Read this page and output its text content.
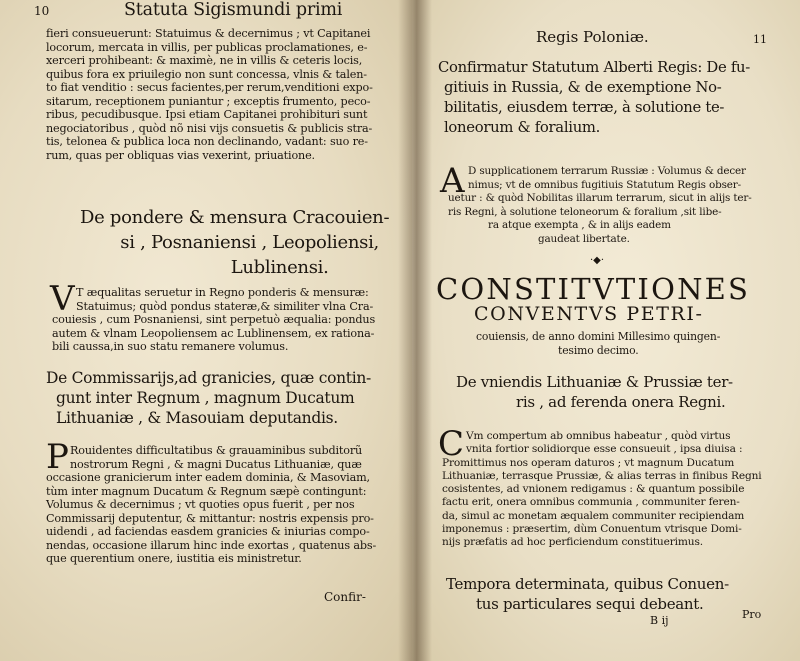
10	Statuta Sigismundi primi
fieri consueuerunt: Statuimus & decernimus ; vt Capitanei
locorum, mercata in villis, per publicas proclamationes, e-
xerceri prohibeant: & maximè, ne in villis & ceteris locis,
quibus fora ex priuilegio non sunt concessa, vlnis & talen-
to fiat venditio : secus facientes,per rerum,venditioni expo-
sitarum, receptionem puniantur ; exceptis frumento, peco-
ribus, pecudibusque. Ipsi etiam Capitanei prohibituri sunt
negociatoribus , quòd nõ nisi vijs consuetis & publicis stra-
tis, telonea & publica loca non declinando, vadant: suo re-
rum, quas per obliquas vias vexerint, priuatione.
De pondere & mensura Cracouien-
si , Posnaniensi , Leopoliensi,
Lublinensi.
V T æqualitas seruetur in Regno ponderis & mensuræ:
Statuimus; quòd pondus stateræ,& similiter vlna Cra-
couiesis , cum Posnaniensi, sint perpetuò æqualia: pondus
autem & vlnam Leopoliensem ac Lublinensem, ex rationa-
bili caussa,in suo statu remanere volumus.
De Commissarijs,ad granicies, quæ contin-
gunt inter Regnum , magnum Ducatum
Lithuaniæ , & Masouiam deputandis.
P Rouidentes difficultatibus & grauaminibus subditorũ
nostrorum Regni , & magni Ducatus Lithuaniæ, quæ
occasione granicierum inter eadem dominia, & Masoviam,
tùm inter magnum Ducatum & Regnum sæpè contingunt:
Volumus & decernimus ; vt quoties opus fuerit , per nos
Commissarij deputentur, & mittantur: nostris expensis pro-
uidendi , ad faciendas easdem granicies & iniurias compo-
nendas, occasione illarum hinc inde exortas , quatenus abs-
que querentium onere, iustitia eis ministretur.
Confir-
Regis Poloniæ.	11
Confirmatur Statutum Alberti Regis: De fu-
gitiuis in Russia, & de exemptione No-
bilitatis, eiusdem terræ, à solutione te-
loneorum & foralium.
A D supplicationem terrarum Russiæ : Volumus & decer
nimus; vt de omnibus fugitiuis Statutum Regis obser-
uetur : & quòd Nobilitas illarum terrarum, sicut in alijs ter-
ris Regni, à solutione teloneorum & foralium ,sit libe-
ra atque exempta , & in alijs eadem
gaudeat libertate.
·◆·
CONSTITVTIONES
CONVENTVS PETRI-
couiensis, de anno domini Millesimo quingen-
tesimo decimo.
De vniendis Lithuaniæ & Prussiæ ter-
ris , ad ferenda onera Regni.
C Vm compertum ab omnibus habeatur , quòd virtus
vnita fortior solidiorque esse consueuit , ipsa diuisa :
Promittimus nos operam daturos ; vt magnum Ducatum
Lithuaniæ, terrasque Prussiæ, & alias terras in finibus Regni
cosistentes, ad vnionem redigamus : & quantum possibile
factu erit, onera omnibus communia , communiter feren-
da, simul ac monetam æqualem communiter recipiendam
imponemus : præsertim, dùm Conuentum vtrisque Domi-
nijs præfatis ad hoc perficiendum constituerimus.
Tempora determinata, quibus Conuen-
tus particulares sequi debeant.
B ij	Pro
